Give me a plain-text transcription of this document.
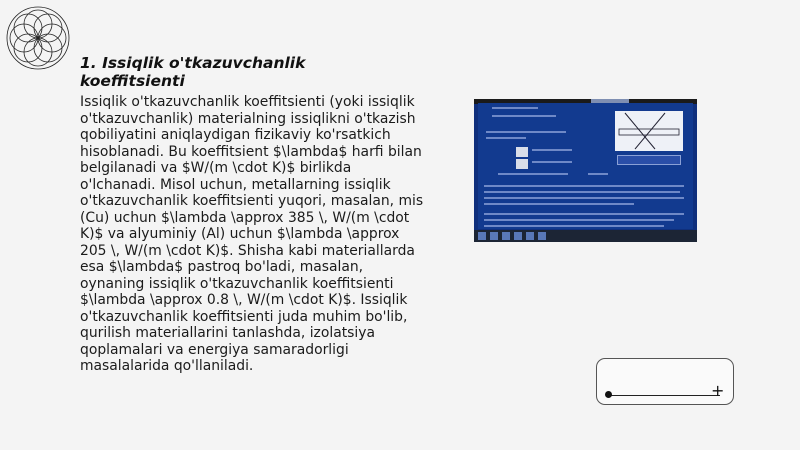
1. Issiqlik o'tkazuvchanlik koeffitsienti
Issiqlik o'tkazuvchanlik koeffitsienti (yoki issiqlik o'tkazuvchanlik) materialning issiqlikni o'tkazish qobiliyatini aniqlaydigan fizikaviy ko'rsatkich hisoblanadi. Bu koeffitsient $\lambda$ harfi bilan belgilanadi va $W/(m \cdot K)$ birlikda o'lchanadi. Misol uchun, metallarning issiqlik o'tkazuvchanlik koeffitsienti yuqori, masalan, mis (Cu) uchun $\lambda \approx 385 \, W/(m \cdot K)$ va alyuminiy (Al) uchun $\lambda \approx 205 \, W/(m \cdot K)$. Shisha kabi materiallarda esa $\lambda$ pastroq bo'ladi, masalan, oynaning issiqlik o'tkazuvchanlik koeffitsienti $\lambda \approx 0.8 \, W/(m \cdot K)$. Issiqlik o'tkazuvchanlik koeffitsienti juda muhim bo'lib, qurilish materiallarini tanlashda, izolatsiya qoplamalari va energiya samaradorligi masalalarida qo'llaniladi.
+
